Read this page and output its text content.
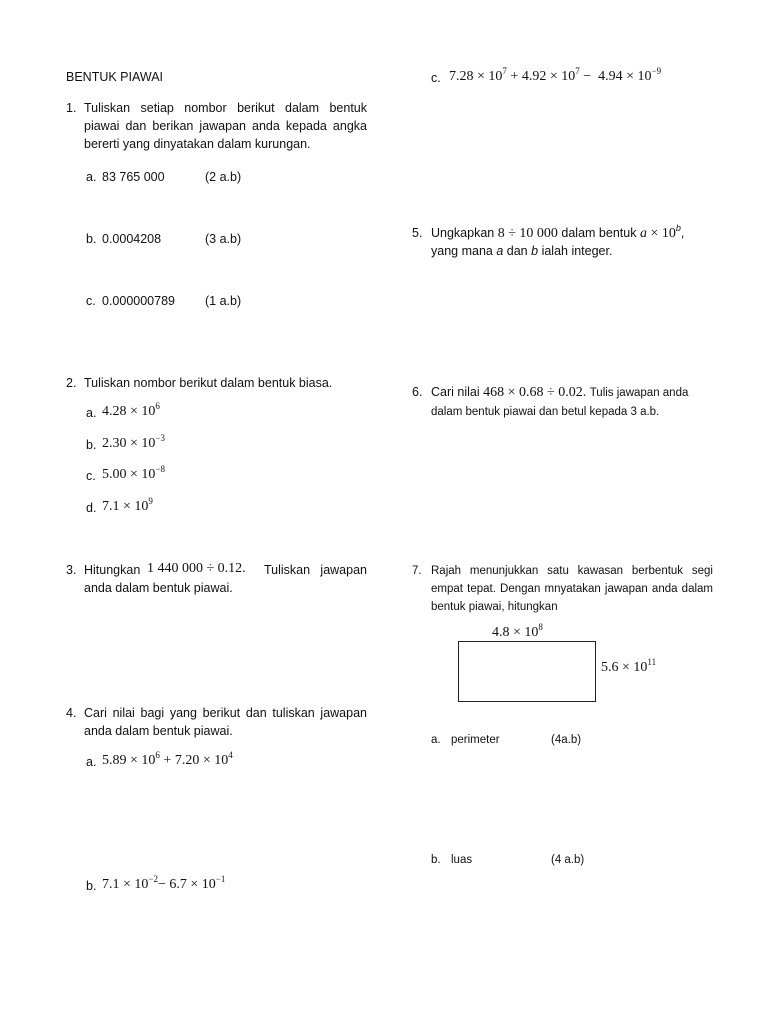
BENTUK PIAWAI
1. Tuliskan setiap nombor berikut dalam bentuk piawai dan berikan jawapan anda kepada angka bererti yang dinyatakan dalam kurungan.
a. 83 765 000	(2 a.b)
b. 0.0004208	(3 a.b)
c. 0.000000789 (1 a.b)
2. Tuliskan nombor berikut dalam bentuk biasa.
a. $4.28 \times 10^6$
b. $2.30 \times 10^{-3}$
c. $5.00 \times 10^{-8}$
d. $7.1 \times 10^9$
3. Hitungkan 1 440 000 ÷ 0.12.	Tuliskan jawapan anda dalam bentuk piawai.
4. Cari nilai bagi yang berikut dan tuliskan jawapan anda dalam bentuk piawai.
a. $5.89 \times 10^6 + 7.20 \times 10^4$
b. $7.1 \times 10^{-2}- 6.7 \times 10^{-1}$
c. $7.28 \times 10^7 + 4.92 \times 10^7 - 4.94 \times 10^{-9}$
5. Ungkapkan 8 ÷ 10 000 dalam bentuk $a \times 10^b$,
yang mana a dan b ialah integer.
6. Cari nilai 468 × 0.68 ÷ 0.02. Tulis jawapan anda
dalam bentuk piawai dan betul kepada 3 a.b.
7. Rajah menunjukkan satu kawasan berbentuk segi empat tepat. Dengan mnyatakan jawapan anda dalam bentuk piawai, hitungkan
$4.8 \times 10^8$
$5.6 \times 10^{11}$
a. perimeter	(4a.b)
b. luas	(4 a.b)
